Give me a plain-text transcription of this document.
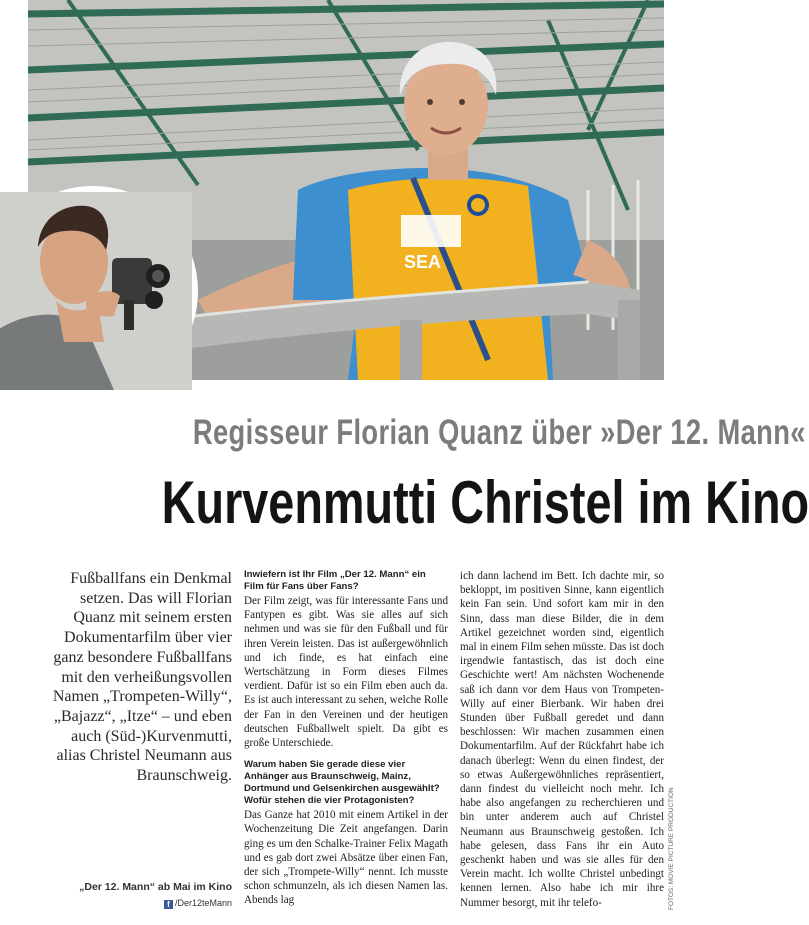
SEA
Regisseur Florian Quanz über »Der 12. Mann«
Kurvenmutti Christel im Kino

Fußballfans ein Denkmal setzen. Das will Florian Quanz mit seinem ersten Dokumentarfilm über vier ganz besondere Fußballfans mit den verheißungsvollen Namen „Trompeten-Willy“, „Bajazz“, „Itze“ – und eben auch (Süd-)Kurvenmutti, alias Christel Neumann aus Braunschweig.

„Der 12. Mann“ ab Mai im Kino
f /Der12teMann

Inwiefern ist Ihr Film „Der 12. Mann“ ein Film für Fans über Fans?

Der Film zeigt, was für interessante Fans und Fantypen es gibt. Was sie alles auf sich nehmen und was sie für den Fußball und für ihren Verein leisten. Das ist außergewöhnlich und ich finde, es hat einfach eine Wertschätzung in Form dieses Filmes verdient. Dafür ist so ein Film eben auch da. Es ist auch interessant zu sehen, welche Rolle der Fan in den Vereinen und der heutigen deutschen Fußballwelt spielt. Da gibt es große Unterschiede.

Warum haben Sie gerade diese vier Anhänger aus Braunschweig, Mainz, Dortmund und Gelsenkirchen ausgewählt? Wofür stehen die vier Protagonisten?

Das Ganze hat 2010 mit einem Artikel in der Wochenzeitung Die Zeit angefangen. Darin ging es um den Schalke-Trainer Felix Magath und es gab dort zwei Absätze über einen Fan, der sich „Trompete-Willy“ nennt. Ich musste schon schmunzeln, als ich diesen Namen las. Abends lag

ich dann lachend im Bett. Ich dachte mir, so bekloppt, im positiven Sinne, kann eigentlich kein Fan sein. Und sofort kam mir in den Sinn, dass man diese Bilder, die in dem Artikel gezeichnet worden sind, eigentlich mal in einem Film sehen müsste. Das ist doch irgendwie fantastisch, das ist doch eine Geschichte wert! Am nächsten Wochenende saß ich dann vor dem Haus von Trompeten-Willy auf einer Bierbank. Wir haben drei Stunden über Fußball geredet und dann beschlossen: Wir machen zusammen einen Dokumentarfilm. Auf der Rückfahrt habe ich danach überlegt: Wenn du einen findest, der so etwas Außergewöhnliches repräsentiert, dann findest du vielleicht noch mehr. Ich habe also angefangen zu recherchieren und bin unter anderem auch auf Christel Neumann aus Braunschweig gestoßen. Ich habe gelesen, dass Fans ihr ein Auto geschenkt haben und was sie alles für den Verein macht. Ich wollte Christel unbedingt kennen lernen. Also habe ich mir ihre Nummer besorgt, mit ihr telefo-	FOTOS: MOVIE PICTURE PRODUCTION
